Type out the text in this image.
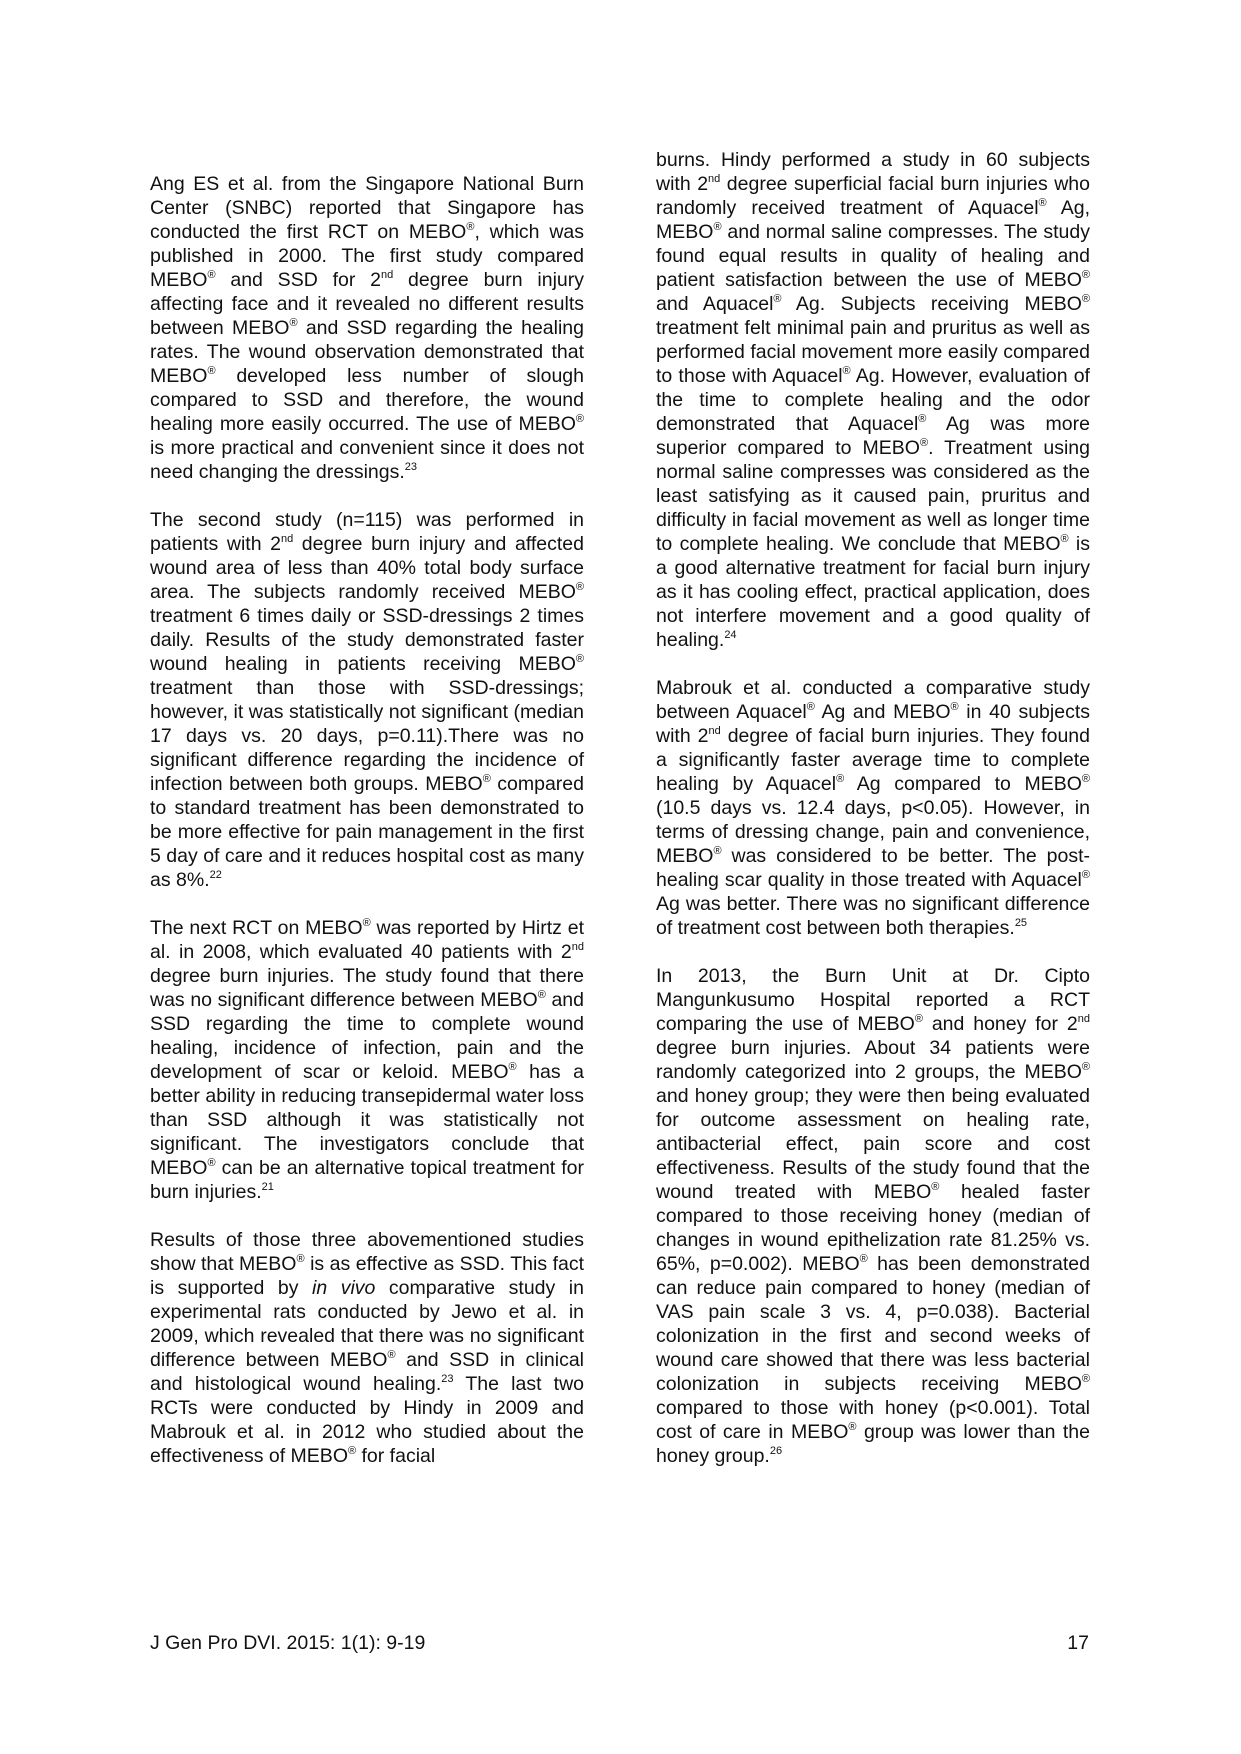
Ang ES et al. from the Singapore National Burn Center (SNBC) reported that Singapore has conducted the first RCT on MEBO®, which was published in 2000. The first study compared MEBO® and SSD for 2nd degree burn injury affecting face and it revealed no different results between MEBO® and SSD regarding the healing rates. The wound observation demonstrated that MEBO® developed less number of slough compared to SSD and therefore, the wound healing more easily occurred. The use of MEBO® is more practical and convenient since it does not need changing the dressings.$^{23}$

The second study (n=115) was performed in patients with 2nd degree burn injury and affected wound area of less than 40% total body surface area. The subjects randomly received MEBO® treatment 6 times daily or SSD-dressings 2 times daily. Results of the study demonstrated faster wound healing in patients receiving MEBO® treatment than those with SSD-dressings; however, it was statistically not significant (median 17 days vs. 20 days, p=0.11).There was no significant difference regarding the incidence of infection between both groups. MEBO® compared to standard treatment has been demonstrated to be more effective for pain management in the first 5 day of care and it reduces hospital cost as many as 8%.$^{22}$

The next RCT on MEBO® was reported by Hirtz et al. in 2008, which evaluated 40 patients with 2nd degree burn injuries. The study found that there was no significant difference between MEBO® and SSD regarding the time to complete wound healing, incidence of infection, pain and the development of scar or keloid. MEBO® has a better ability in reducing transepidermal water loss than SSD although it was statistically not significant. The investigators conclude that MEBO® can be an alternative topical treatment for burn injuries.$^{21}$

Results of those three abovementioned studies show that MEBO® is as effective as SSD. This fact is supported by in vivo comparative study in experimental rats conducted by Jewo et al. in 2009, which revealed that there was no significant difference between MEBO® and SSD in clinical and histological wound healing.$^{23}$ The last two RCTs were conducted by Hindy in 2009 and Mabrouk et al. in 2012 who studied about the effectiveness of MEBO® for facial

burns. Hindy performed a study in 60 subjects with 2nd degree superficial facial burn injuries who randomly received treatment of Aquacel® Ag, MEBO® and normal saline compresses. The study found equal results in quality of healing and patient satisfaction between the use of MEBO® and Aquacel® Ag. Subjects receiving MEBO® treatment felt minimal pain and pruritus as well as performed facial movement more easily compared to those with Aquacel® Ag. However, evaluation of the time to complete healing and the odor demonstrated that Aquacel® Ag was more superior compared to MEBO®. Treatment using normal saline compresses was considered as the least satisfying as it caused pain, pruritus and difficulty in facial movement as well as longer time to complete healing. We conclude that MEBO® is a good alternative treatment for facial burn injury as it has cooling effect, practical application, does not interfere movement and a good quality of healing.$^{24}$

Mabrouk et al. conducted a comparative study between Aquacel® Ag and MEBO® in 40 subjects with 2nd degree of facial burn injuries. They found a significantly faster average time to complete healing by Aquacel® Ag compared to MEBO® (10.5 days vs. 12.4 days, p<0.05). However, in terms of dressing change, pain and convenience, MEBO® was considered to be better. The post-healing scar quality in those treated with Aquacel® Ag was better. There was no significant difference of treatment cost between both therapies.$^{25}$

In 2013, the Burn Unit at Dr. Cipto Mangunkusumo Hospital reported a RCT comparing the use of MEBO® and honey for 2nd degree burn injuries. About 34 patients were randomly categorized into 2 groups, the MEBO® and honey group; they were then being evaluated for outcome assessment on healing rate, antibacterial effect, pain score and cost effectiveness. Results of the study found that the wound treated with MEBO® healed faster compared to those receiving honey (median of changes in wound epithelization rate 81.25% vs. 65%, p=0.002). MEBO® has been demonstrated can reduce pain compared to honey (median of VAS pain scale 3 vs. 4, p=0.038). Bacterial colonization in the first and second weeks of wound care showed that there was less bacterial colonization in subjects receiving MEBO® compared to those with honey (p<0.001). Total cost of care in MEBO® group was lower than the honey group.$^{26}$

J Gen Pro DVI. 2015: 1(1): 9-19	17
